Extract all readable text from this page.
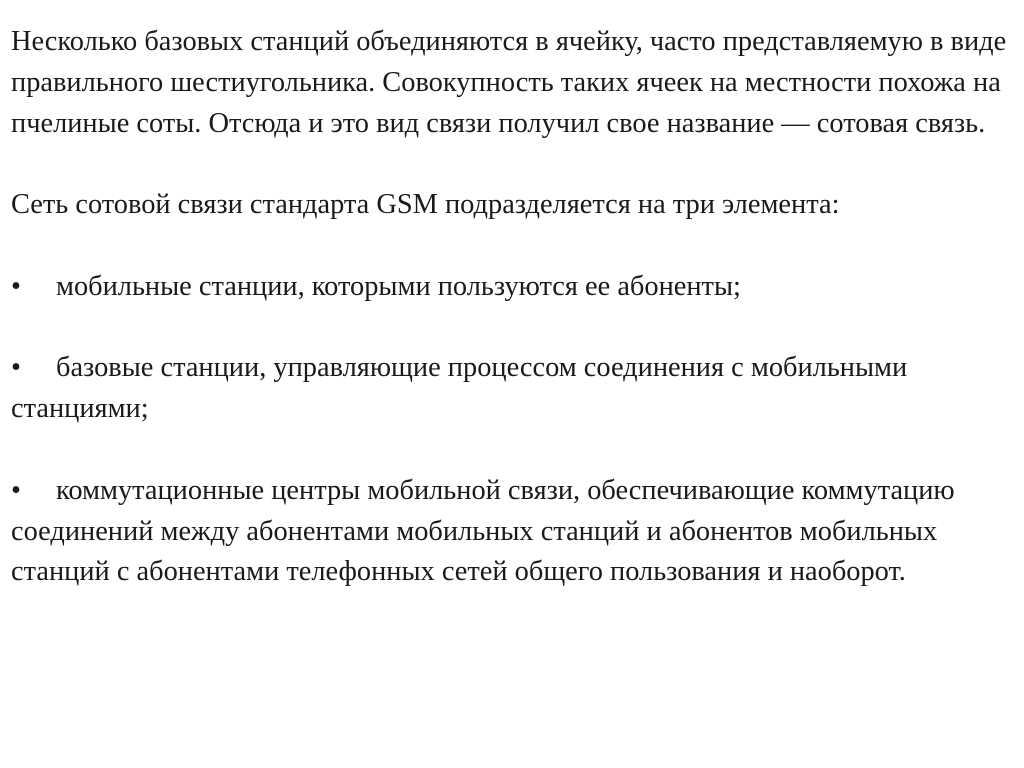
Несколько базовых станций объединяются в ячейку, часто представляемую в виде правильного шестиугольника. Совокупность таких ячеек на местности похожа на пчелиные соты. Отсюда и это вид связи получил свое название — сотовая связь.

Сеть сотовой связи стандарта GSM подразделяется на три элемента:

• мобильные станции, которыми пользуются ее абоненты;

• базовые станции, управляющие процессом соединения с мобильными станциями;

• коммутационные центры мобильной связи, обеспечивающие коммутацию соединений между абонентами мобильных станций и абонентов мобильных станций с абонентами телефонных сетей общего пользования и наоборот.
